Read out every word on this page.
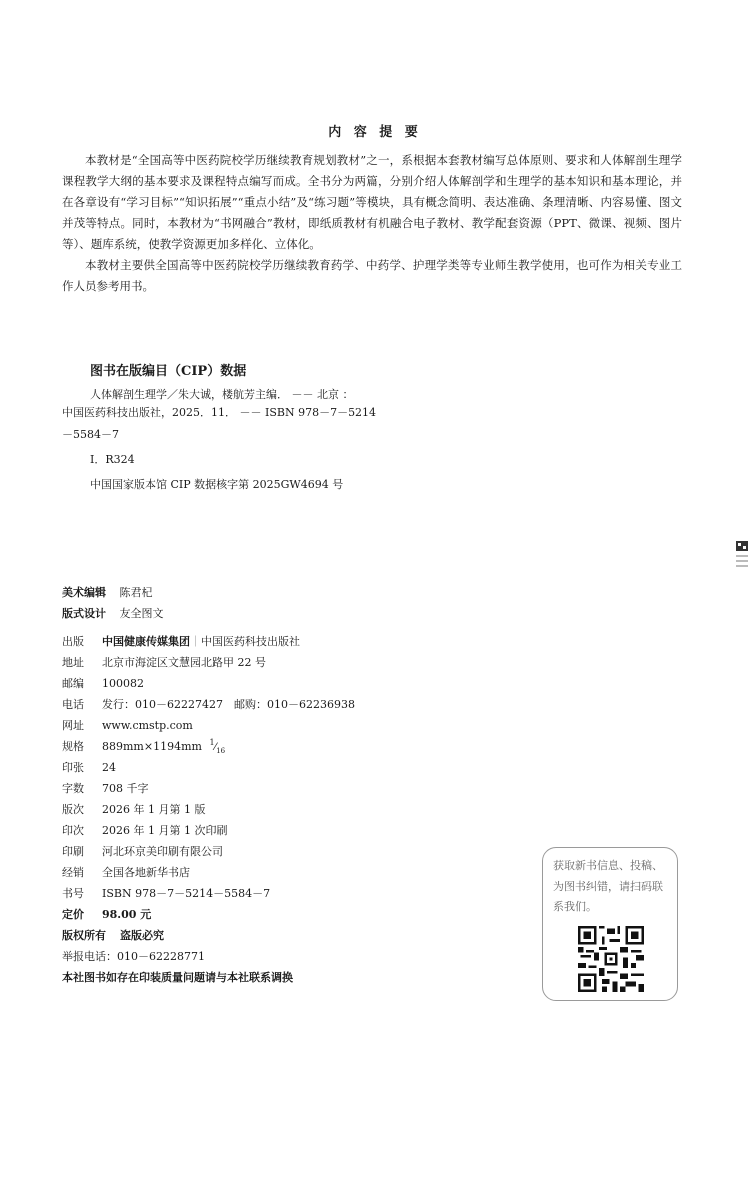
内 容 提 要

本教材是“全国高等中医药院校学历继续教育规划教材”之一，系根据本套教材编写总体原则、要求和人体解剖生理学课程教学大纲的基本要求及课程特点编写而成。全书分为两篇，分别介绍人体解剖学和生理学的基本知识和基本理论，并在各章设有“学习目标”“知识拓展”“重点小结”及“练习题”等模块，具有概念简明、表达准确、条理清晰、内容易懂、图文并茂等特点。同时，本教材为“书网融合”教材，即纸质教材有机融合电子教材、教学配套资源（PPT、微课、视频、图片等）、题库系统，使教学资源更加多样化、立体化。

本教材主要供全国高等中医药院校学历继续教育药学、中药学、护理学类等专业师生教学使用，也可作为相关专业工作人员参考用书。

图书在版编目（CIP）数据
人体解剖生理学／朱大诚，楼航芳主编． －－ 北京 ：
中国医药科技出版社，2025．11． －－ ISBN 978－7－5214
－5584－7
Ⅰ．R324
中国国家版本馆 CIP 数据核字第 2025GW4694 号
美术编辑 陈君杞
版式设计 友全图文
出版 中国健康传媒集团｜中国医药科技出版社
地址 北京市海淀区文慧园北路甲 22 号
邮编 100082
电话 发行：010－62227427　邮购：010－62236938
网址 www.cmstp.com
规格 889mm×1194mm $^1⁄_{16}$
印张 24
字数 708 千字
版次 2026 年 1 月第 1 版
印次 2026 年 1 月第 1 次印刷
印刷 河北环京美印刷有限公司
经销 全国各地新华书店
书号 ISBN 978－7－5214－5584－7
定价 98.00 元
版权所有 盗版必究
举报电话：010－62228771
本社图书如存在印装质量问题请与本社联系调换
获取新书信息、投稿、为图书纠错，请扫码联系我们。
